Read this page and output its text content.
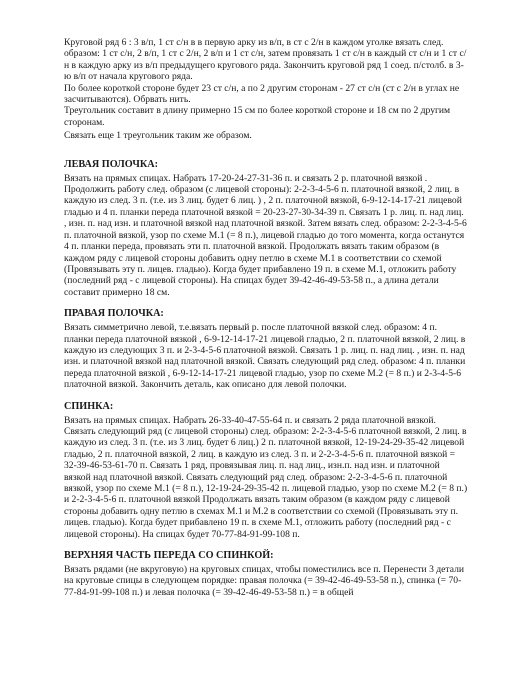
Круговой ряд 6 : 3 в/п, 1 ст с/н в в первую арку из в/п, в ст с 2/н в каждом уголке вязать след. образом: 1 ст с/н, 2 в/п, 1 ст с 2/н, 2 в/п и 1 ст с/н, затем провязать 1 ст с/н в каждый ст с/н и 1 ст с/н в каждую арку из в/п предыдущего кругового ряда. Закончить круговой ряд 1 соед. п/столб. в 3-ю в/п от начала кругового ряда.

По более короткой стороне будет 23 ст с/н, а по 2 другим сторонам - 27 ст с/н (ст с 2/н в углах не засчитываются). Обрвать нить.

Треугольник составит в длину примерно 15 см по более короткой стороне и 18 см по 2 другим сторонам.

Связать еще 1 треугольник таким же образом.

ЛЕВАЯ ПОЛОЧКА:

Вязать на прямых спицах. Набрать 17-20-24-27-31-36 п. и связать 2 р. платочной вязкой . Продолжить работу след. образом (с лицевой стороны): 2-2-3-4-5-6 п. платочной вязкой, 2 лиц. в каждую из след. 3 п. (т.е. из 3 лиц. будет 6 лиц. ) , 2 п. платочной вязкой, 6-9-12-14-17-21 лицевой гладью и 4 п. планки переда платочной вязкой = 20-23-27-30-34-39 п. Связать 1 р. лиц. п. над лиц. , изн. п. над изн. и платочной вязкой над платочной вязкой. Затем вязать след. образом: 2-2-3-4-5-6 п. платочной вязкой, узор по схеме М.1 (= 8 п.), лицевой гладью до того момента, когда останутся 4 п. планки переда, провязать эти п. платочной вязкой. Продолжать вязать таким образом (в каждом ряду с лицевой стороны добавить одну петлю в схеме М.1 в соответствии со схемой (Провязывать эту п. лицев. гладью). Когда будет прибавлено 19 п. в схеме М.1, отложить работу (последний ряд - с лицевой стороны). На спицах будет 39-42-46-49-53-58 п., а длина детали составит примерно 18 см.

ПРАВАЯ ПОЛОЧКА:

Вязать симметрично левой, т.е.вязать первый р. после платочной вязкой след. образом: 4 п. планки переда платочной вязкой , 6-9-12-14-17-21 лицевой гладью, 2 п. платочной вязкой, 2 лиц. в каждую из следующих 3 п. и 2-3-4-5-6 платочной вязкой. Связать 1 р. лиц. п. над лиц. , изн. п. над изн. и платочной вязкой над платочной вязкой. Связать следующий ряд след. образом: 4 п. планки переда платочной вязкой , 6-9-12-14-17-21 лицевой гладью, узор по схеме М.2 (= 8 п.) и 2-3-4-5-6 платочной вязкой. Закончить деталь, как описано для левой полочки.

СПИНКА:

Вязать на прямых спицах. Набрать 26-33-40-47-55-64 п. и связать 2 ряда платочной вязкой. Связать следующий ряд (с лицевой стороны) след. образом: 2-2-3-4-5-6 платочной вязкой, 2 лиц. в каждую из след. 3 п. (т.е. из 3 лиц. будет 6 лиц.) 2 п. платочной вязкой, 12-19-24-29-35-42 лицевой гладью, 2 п. платочной вязкой, 2 лиц. в каждую из след. 3 п. и 2-2-3-4-5-6 п. платочной вязкой = 32-39-46-53-61-70 п. Связать 1 ряд, провязывая лиц. п. над лиц., изн.п. над изн. и платочной вязкой над платочной вязкой. Связать следующий ряд след. образом: 2-2-3-4-5-6 п. платочной вязкой, узор по схеме М.1 (= 8 п.), 12-19-24-29-35-42 п. лицевой гладью, узор по схеме М.2 (= 8 п.) и 2-2-3-4-5-6 п. платочной вязкой Продолжать вязать таким образом (в каждом ряду с лицевой стороны добавить одну петлю в схемах М.1 и М.2 в соответствии со схемой (Провязывать эту п. лицев. гладью). Когда будет прибавлено 19 п. в схеме М.1, отложить работу (последний ряд - с лицевой стороны). На спицах будет 70-77-84-91-99-108 п.

ВЕРХНЯЯ ЧАСТЬ ПЕРЕДА СО СПИНКОЙ:

Вязать рядами (не вкруговую) на круговых спицах, чтобы поместились все п. Перенести 3 детали на круговые спицы в следующем порядке: правая полочка (= 39-42-46-49-53-58 п.), спинка (= 70-77-84-91-99-108 п.) и левая полочка (= 39-42-46-49-53-58 п.) = в общей
